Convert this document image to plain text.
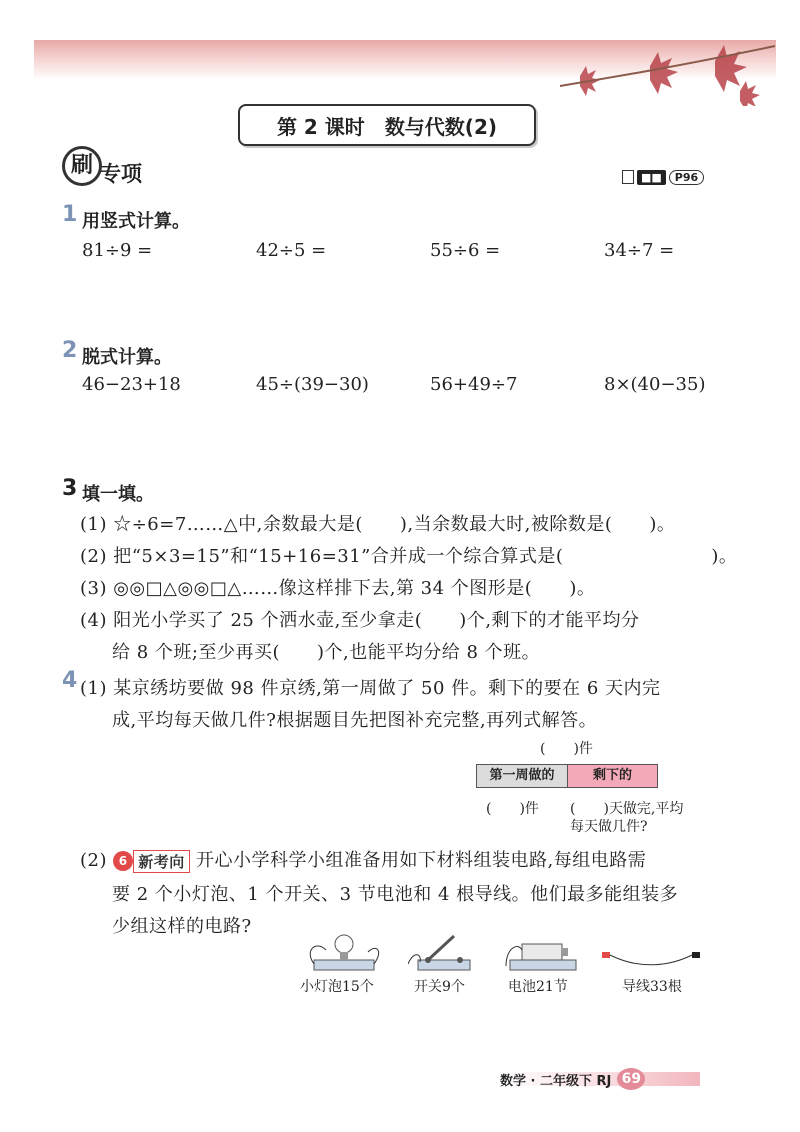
第 2 课时 数与代数(2)
刷 专项	■■	P96
1 用竖式计算。
81÷9 =	42÷5 =	55÷6 =	34÷7 =
2 脱式计算。
46−23+18	45÷(39−30)	56+49÷7	8×(40−35)
3 填一填。
(1) ☆÷6=7……△中,余数最大是(　　),当余数最大时,被除数是(　　)。
(2) 把“5×3=15”和“15+16=31”合并成一个综合算式是(　　　　　　　　)。
(3) ◎◎□△◎◎□△……像这样排下去,第 34 个图形是(　　)。
(4) 阳光小学买了 25 个洒水壶,至少拿走(　　)个,剩下的才能平均分
给 8 个班;至少再买(　　)个,也能平均分给 8 个班。
4 (1) 某京绣坊要做 98 件京绣,第一周做了 50 件。剩下的要在 6 天内完
成,平均每天做几件?根据题目先把图补充完整,再列式解答。
(　　)件
第一周做的	剩下的
(　　)件 (　　)天做完,平均
每天做几件?
(2) 6 新考向 开心小学科学小组准备用如下材料组装电路,每组电路需
要 2 个小灯泡、1 个开关、3 节电池和 4 根导线。他们最多能组装多
少组这样的电路?
小灯泡15个	开关9个	电池21节	导线33根
数学 · 二年级下 RJ 69
